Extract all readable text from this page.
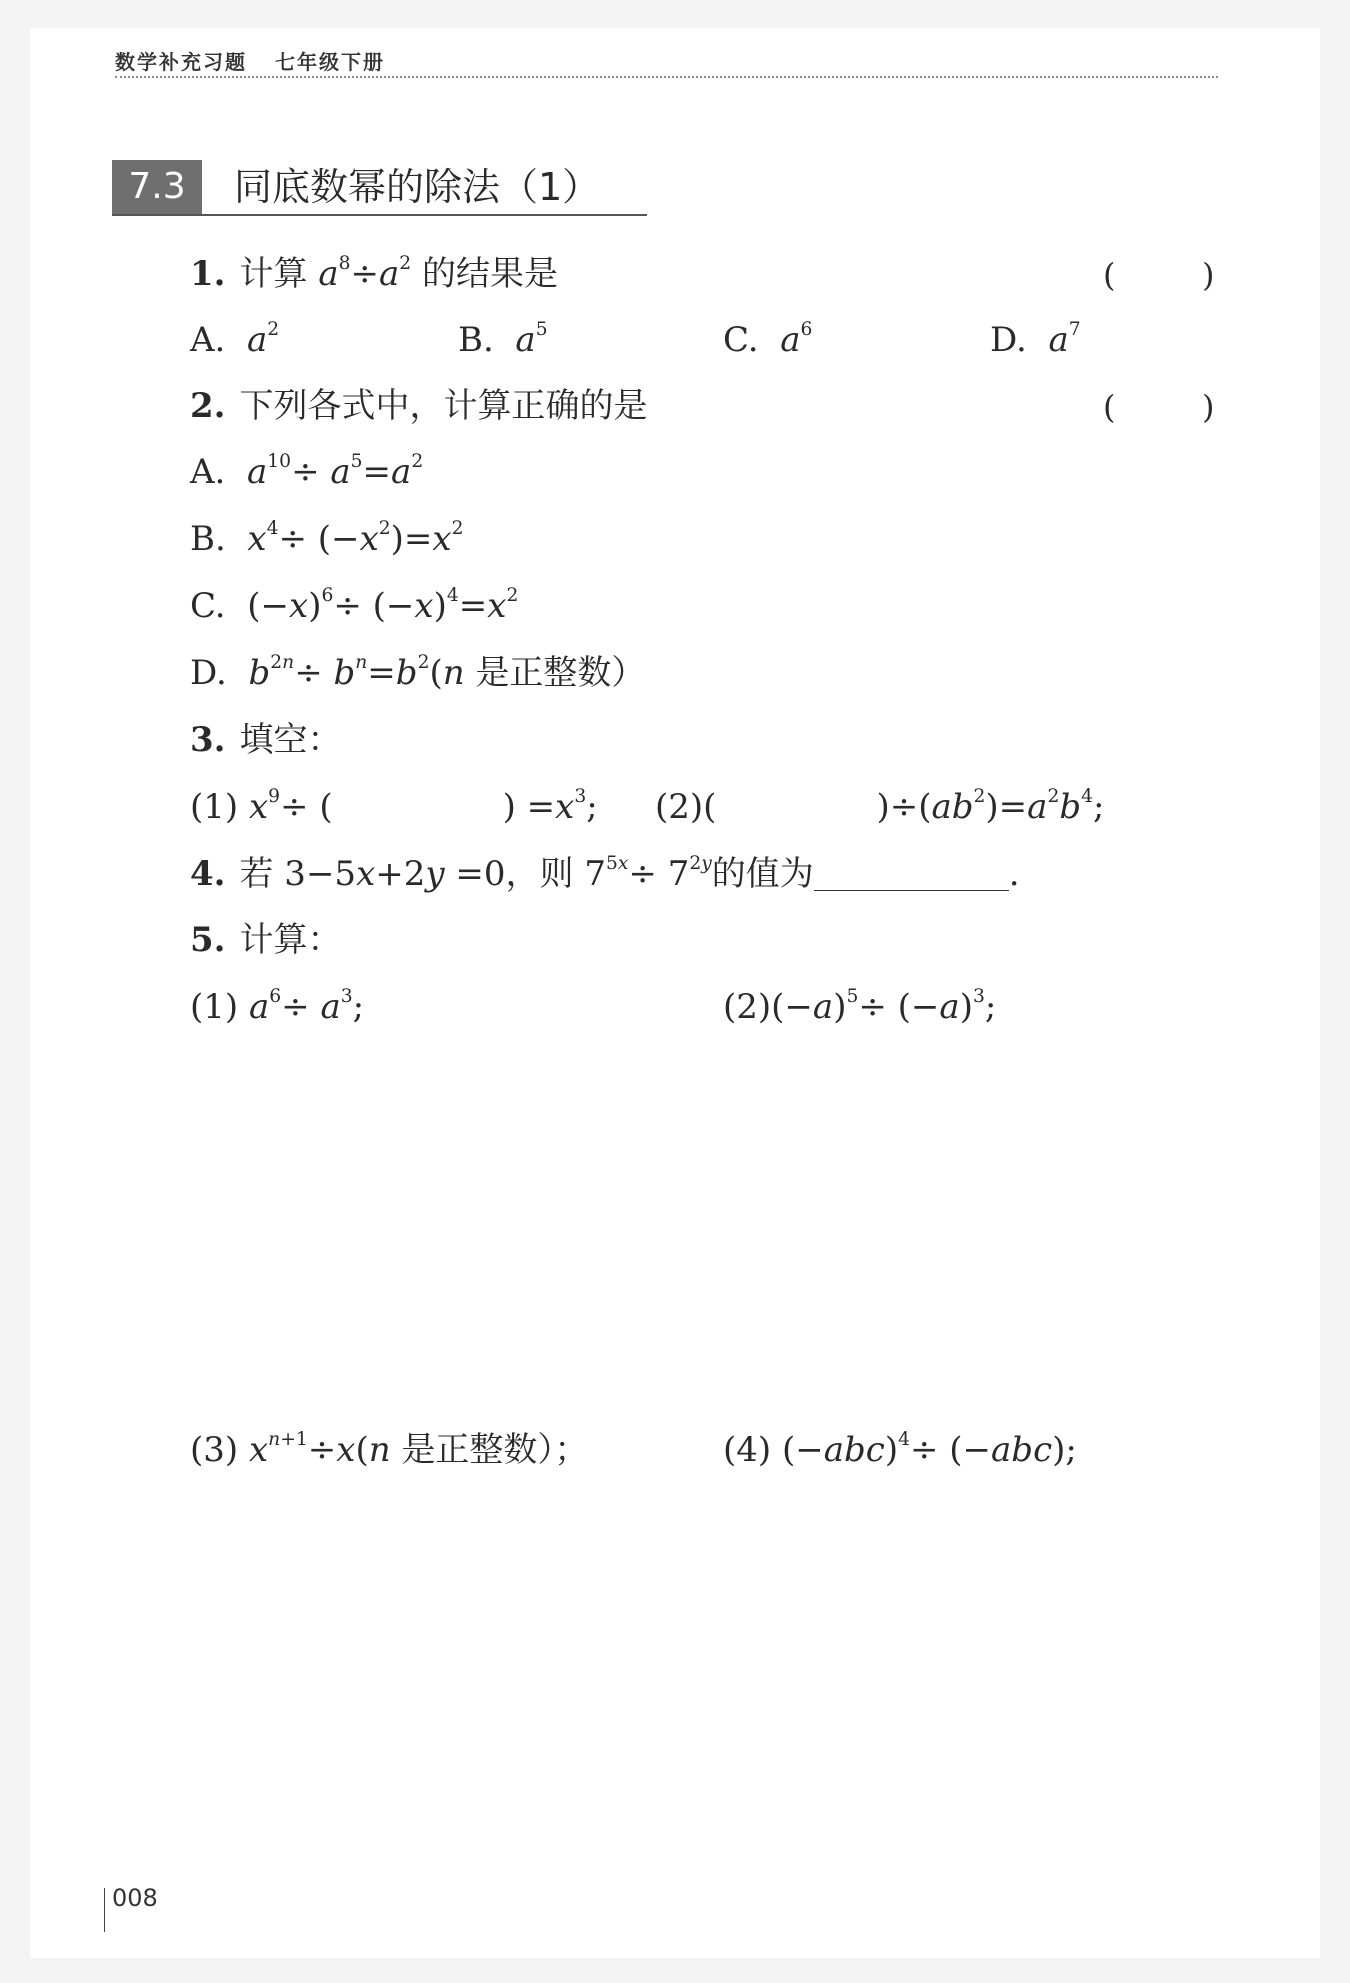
数学补充习题 七年级下册
7.3	同底数幂的除法（1）
1. 计算 $a^8\div a^2$ 的结果是	(	)
A. $a^2$	B. $a^5$	C. $a^6$	D. $a^7$
2. 下列各式中，计算正确的是	(	)
A. $a^{10}\div a^5=a^2$
B. $x^4\div (-x^2)=x^2$
C.  $(-x)^6\div (-x)^4=x^2$
D. $b^{2n}\div b^n=b^2(n$ 是正整数）
3. 填空：
(1) $x^9\div$ (	) $=x^3$; (2)(	)$\div(ab^2)=a^2b^4$;
4. 若 3−5x+2y =0，则 $7^{5x}\div 7^{2y}$的值为	.
5. 计算：
(1) $a^6\div a^3$;	$(2)(-a)^5\div (-a)^3$;
(3) $x^{n+1}\div x(n$ 是正整数）；	(4) $(-abc)^4\div (-abc)$;
008
